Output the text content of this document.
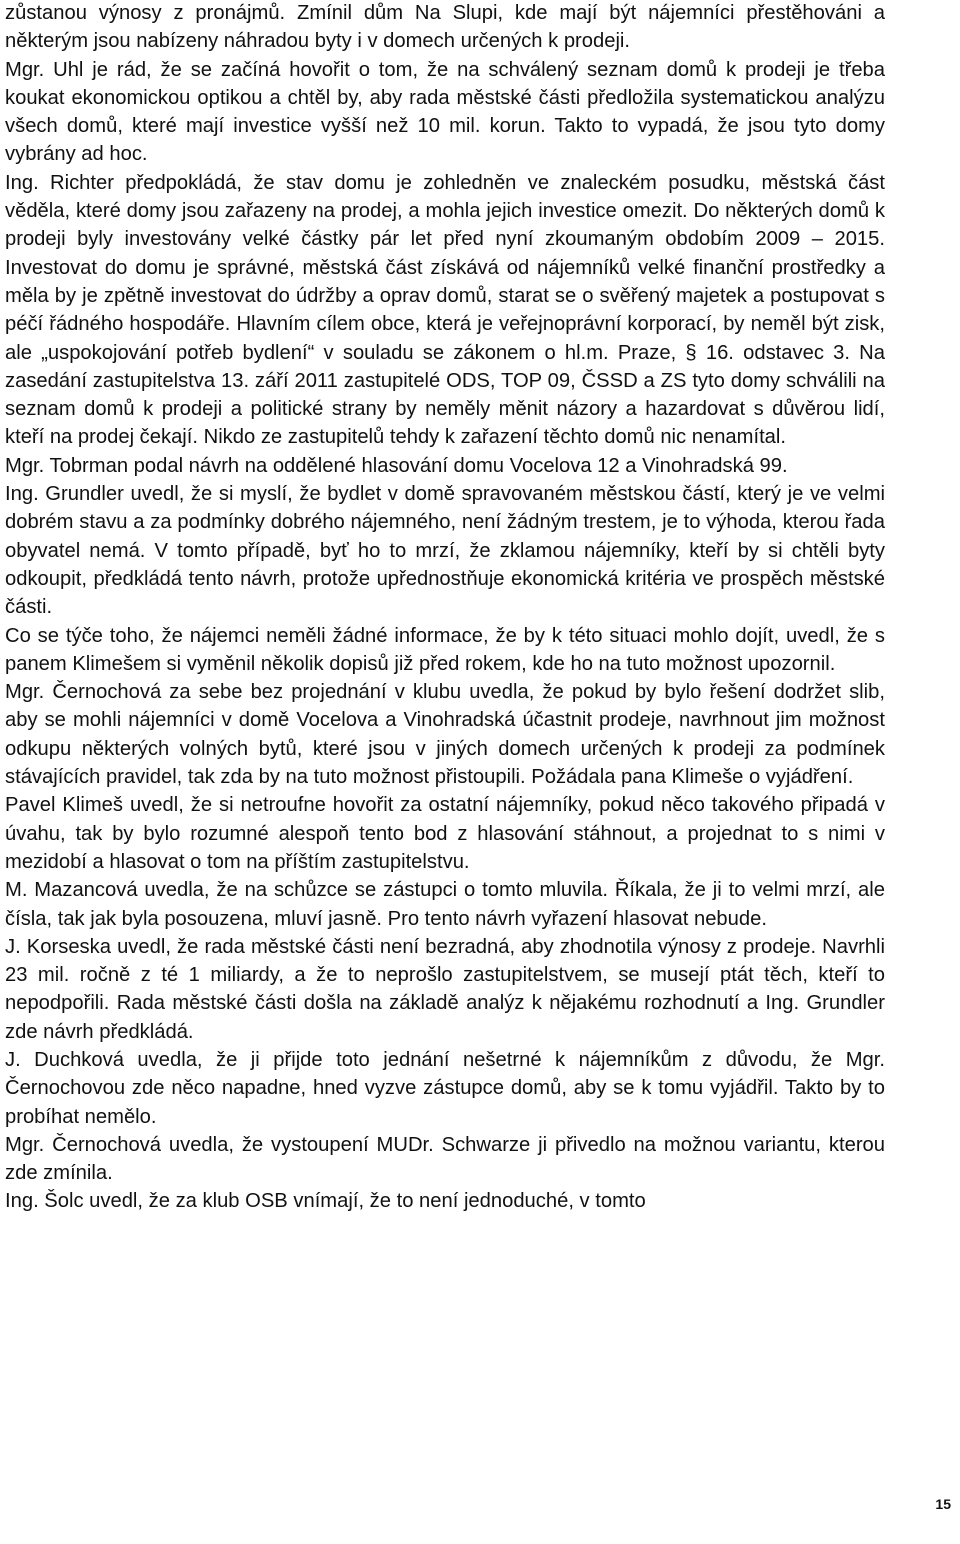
zůstanou výnosy z pronájmů. Zmínil dům Na Slupi, kde mají být nájemníci přestěhováni a některým jsou nabízeny náhradou byty i v domech určených k prodeji.

Mgr. Uhl je rád, že se začíná hovořit o tom, že na schválený seznam domů k prodeji je třeba koukat ekonomickou optikou a chtěl by, aby rada městské části předložila systematickou analýzu všech domů, které mají investice vyšší než 10 mil. korun. Takto to vypadá, že jsou tyto domy vybrány ad hoc.

Ing. Richter předpokládá, že stav domu je zohledněn ve znaleckém posudku, městská část věděla, které domy jsou zařazeny na prodej, a mohla jejich investice omezit. Do některých domů k prodeji byly investovány velké částky pár let před nyní zkoumaným obdobím 2009 – 2015. Investovat do domu je správné, městská část získává od nájemníků velké finanční prostředky a měla by je zpětně investovat do údržby a oprav domů, starat se o svěřený majetek a postupovat s péčí řádného hospodáře. Hlavním cílem obce, která je veřejnoprávní korporací, by neměl být zisk, ale „uspokojování potřeb bydlení“ v souladu se zákonem o hl.m. Praze, § 16. odstavec 3. Na zasedání zastupitelstva 13. září 2011 zastupitelé ODS, TOP 09, ČSSD a ZS tyto domy schválili na seznam domů k prodeji a politické strany by neměly měnit názory a hazardovat s důvěrou lidí, kteří na prodej čekají. Nikdo ze zastupitelů tehdy k zařazení těchto domů nic nenamítal.

Mgr. Tobrman podal návrh na oddělené hlasování domu Vocelova 12 a Vinohradská 99.

Ing. Grundler uvedl, že si myslí, že bydlet v domě spravovaném městskou částí, který je ve velmi dobrém stavu a za podmínky dobrého nájemného, není žádným trestem, je to výhoda, kterou řada obyvatel nemá. V tomto případě, byť ho to mrzí, že zklamou nájemníky, kteří by si chtěli byty odkoupit, předkládá tento návrh, protože upřednostňuje ekonomická kritéria ve prospěch městské části.

Co se týče toho, že nájemci neměli žádné informace, že by k této situaci mohlo dojít, uvedl, že s panem Klimešem si vyměnil několik dopisů již před rokem, kde ho na tuto možnost upozornil.

Mgr. Černochová za sebe bez projednání v klubu uvedla, že pokud by bylo řešení dodržet slib, aby se mohli nájemníci v domě Vocelova a Vinohradská účastnit prodeje, navrhnout jim možnost odkupu některých volných bytů, které jsou v jiných domech určených k prodeji za podmínek stávajících pravidel, tak zda by na tuto možnost přistoupili. Požádala pana Klimeše o vyjádření.

Pavel Klimeš uvedl, že si netroufne hovořit za ostatní nájemníky, pokud něco takového připadá v úvahu, tak by bylo rozumné alespoň tento bod z hlasování stáhnout, a projednat to s nimi v mezidobí a hlasovat o tom na příštím zastupitelstvu.

M. Mazancová uvedla, že na schůzce se zástupci o tomto mluvila. Říkala, že ji to velmi mrzí, ale čísla, tak jak byla posouzena, mluví jasně. Pro tento návrh vyřazení hlasovat nebude.

J. Korseska uvedl, že rada městské části není bezradná, aby zhodnotila výnosy z prodeje. Navrhli 23 mil. ročně z té 1 miliardy, a že to neprošlo zastupitelstvem, se musejí ptát těch, kteří to nepodpořili. Rada městské části došla na základě analýz k nějakému rozhodnutí a Ing. Grundler zde návrh předkládá.

J. Duchková uvedla, že ji přijde toto jednání nešetrné k nájemníkům z důvodu, že Mgr. Černochovou zde něco napadne, hned vyzve zástupce domů, aby se k tomu vyjádřil. Takto by to probíhat nemělo.

Mgr. Černochová uvedla, že vystoupení MUDr. Schwarze ji přivedlo na možnou variantu, kterou zde zmínila.

Ing. Šolc uvedl, že za klub OSB vnímají, že to není jednoduché, v tomto

15
